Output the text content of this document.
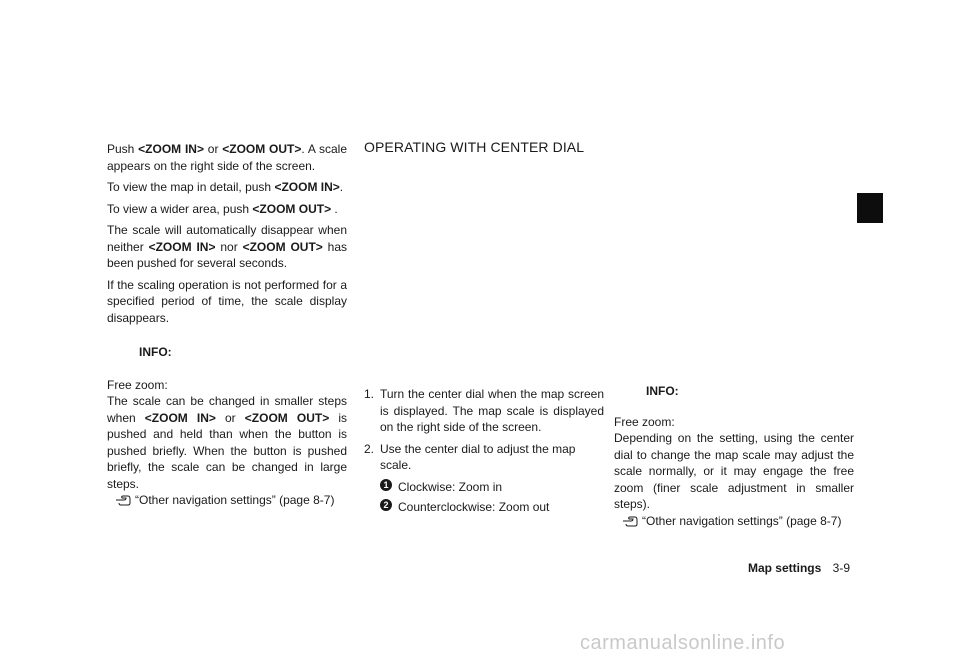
Push <ZOOM IN> or <ZOOM OUT>. A scale appears on the right side of the screen.

To view the map in detail, push <ZOOM IN>.

To view a wider area, push <ZOOM OUT> .

The scale will automatically disappear when neither <ZOOM IN> nor <ZOOM OUT> has been pushed for several seconds.

If the scaling operation is not performed for a specified period of time, the scale display disappears.

INFO:

Free zoom:

The scale can be changed in smaller steps when <ZOOM IN> or <ZOOM OUT> is pushed and held than when the button is pushed briefly. When the button is pushed briefly, the scale can be changed in large steps.

“Other navigation settings” (page 8-7)
OPERATING WITH CENTER DIAL
1. Turn the center dial when the map screen is displayed. The map scale is displayed on the right side of the screen.
2. Use the center dial to adjust the map scale.
1 Clockwise: Zoom in
2 Counterclockwise: Zoom out
INFO:

Free zoom:

Depending on the setting, using the center dial to change the map scale may adjust the scale normally, or it may engage the free zoom (finer scale adjustment in smaller steps).

“Other navigation settings” (page 8-7)
Map settings 3-9
carmanualsonline.info
